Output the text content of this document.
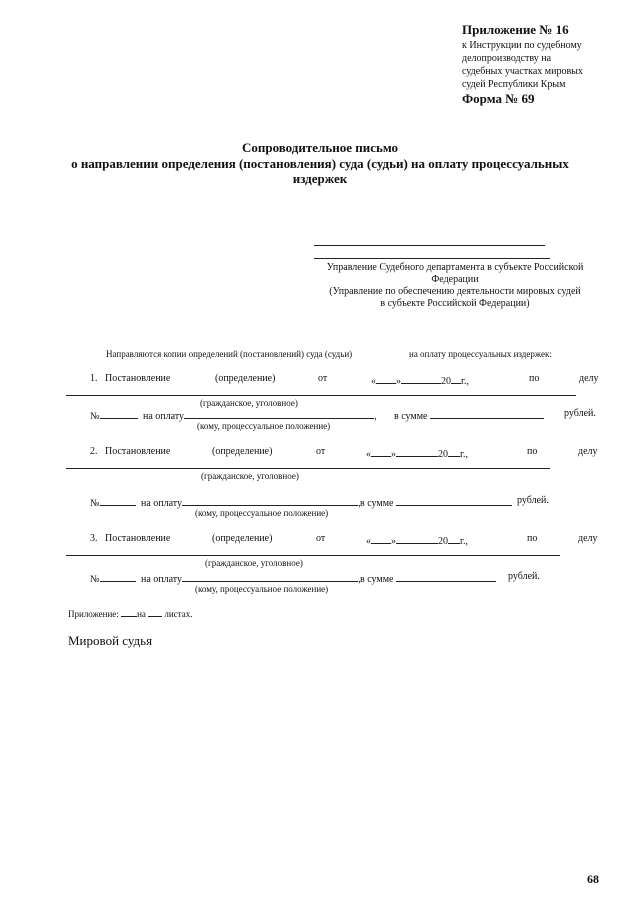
Приложение № 16
к Инструкции по судебному
делопроизводству на
судебных участках мировых
судей Республики Крым
Форма № 69
Сопроводительное письмо
о направлении определения (постановления) суда (судьи) на оплату процессуальных
издержек
Управление Судебного департамента в субъекте Российской
Федерации
(Управление по обеспечению деятельности мировых судей
в субъекте Российской Федерации)
Направляются копии определений (постановлений) суда (судьи)	на оплату процессуальных издержек:
1. Постановление	(определение)	от	« »	20 г.,	по	делу
(гражданское, уголовное)
№	на оплату	, в сумме	рублей.
(кому, процессуальное положение)
2. Постановление	(определение)	от	« »	20 г.,	по	делу
(гражданское, уголовное)
№	на оплату	, в сумме	рублей.
(кому, процессуальное положение)
3. Постановление	(определение)	от	« »	20 г.,	по	делу
(гражданское, уголовное)
№	на оплату	, в сумме	рублей.
(кому, процессуальное положение)
Приложение: на листах.
Мировой судья
68
